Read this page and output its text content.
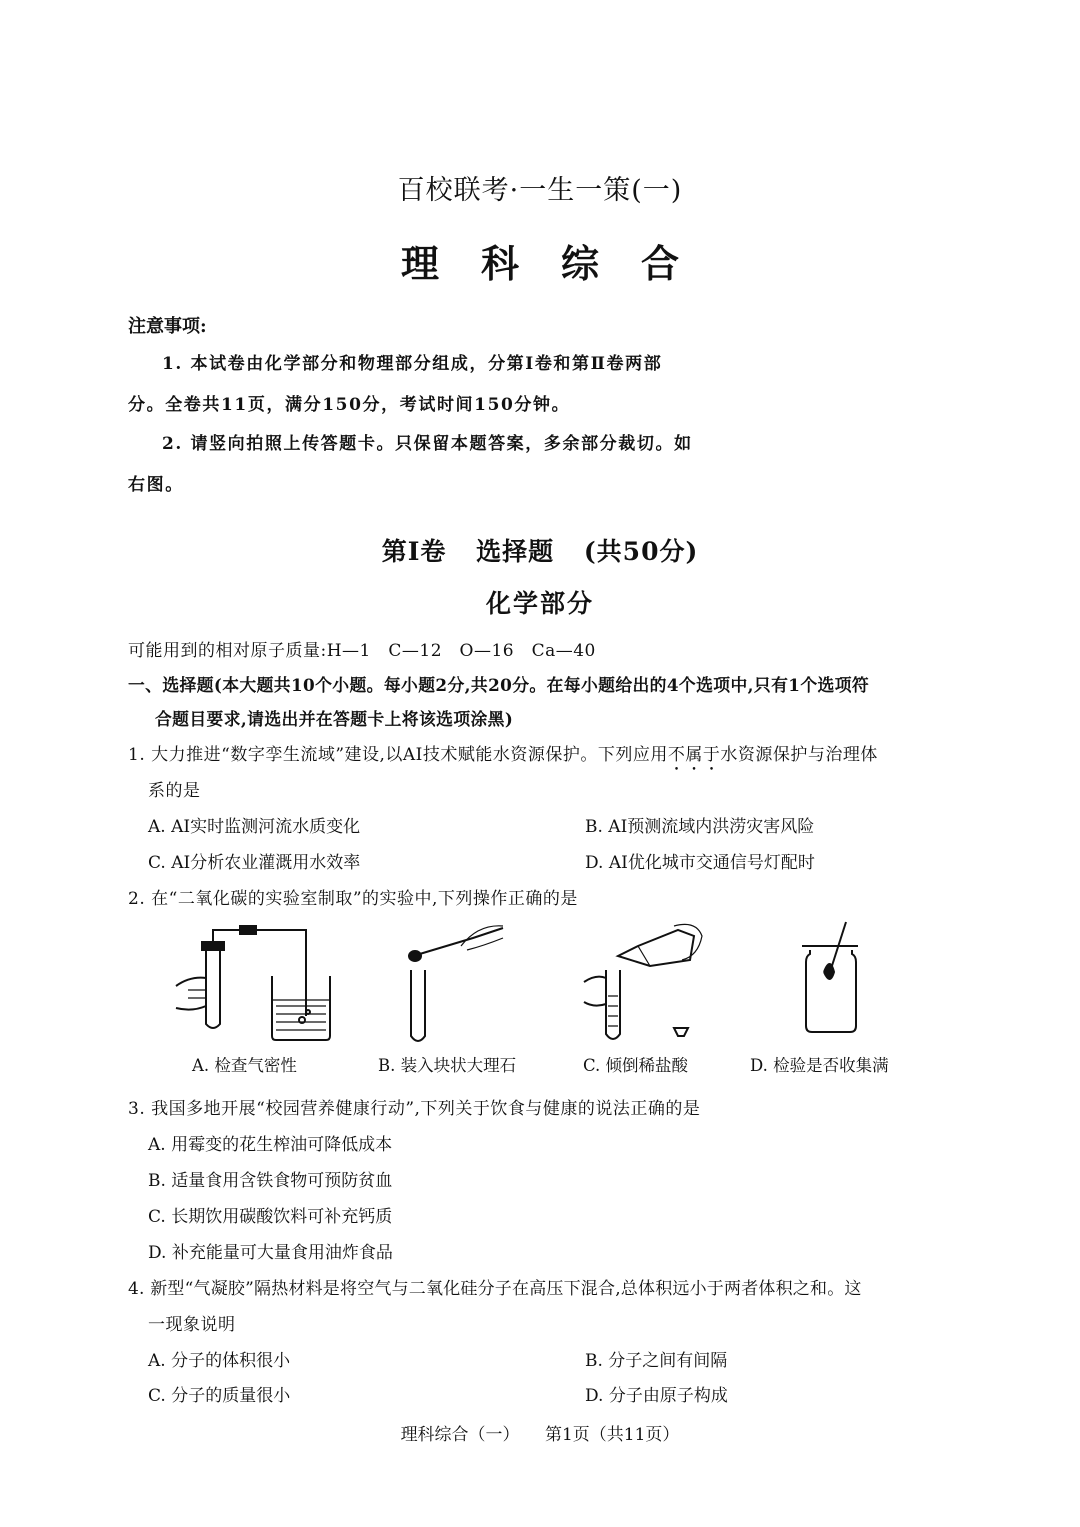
百校联考·一生一策(一)
理科综合
注意事项:
1. 本试卷由化学部分和物理部分组成，分第Ⅰ卷和第Ⅱ卷两部
分。全卷共11页，满分150分，考试时间150分钟。
2. 请竖向拍照上传答题卡。只保留本题答案，多余部分裁切。如
右图。
第Ⅰ卷 选择题 (共50分)
化学部分
可能用到的相对原子质量:H—1　C—12　O—16　Ca—40
一、选择题(本大题共10个小题。每小题2分,共20分。在每小题给出的4个选项中,只有1个选项符
合题目要求,请选出并在答题卡上将该选项涂黑)
1. 大力推进“数字孪生流域”建设,以AI技术赋能水资源保护。下列应用不属于水资源保护与治理体
系的是
A. AI实时监测河流水质变化	B. AI预测流域内洪涝灾害风险
C. AI分析农业灌溉用水效率	D. AI优化城市交通信号灯配时
2. 在“二氧化碳的实验室制取”的实验中,下列操作正确的是
A. 检查气密性	B. 装入块状大理石	C. 倾倒稀盐酸	D. 检验是否收集满
3. 我国多地开展“校园营养健康行动”,下列关于饮食与健康的说法正确的是
A. 用霉变的花生榨油可降低成本
B. 适量食用含铁食物可预防贫血
C. 长期饮用碳酸饮料可补充钙质
D. 补充能量可大量食用油炸食品
4. 新型“气凝胶”隔热材料是将空气与二氧化硅分子在高压下混合,总体积远小于两者体积之和。这
一现象说明
A. 分子的体积很小	B. 分子之间有间隔
C. 分子的质量很小	D. 分子由原子构成
理科综合（一） 第1页（共11页）
